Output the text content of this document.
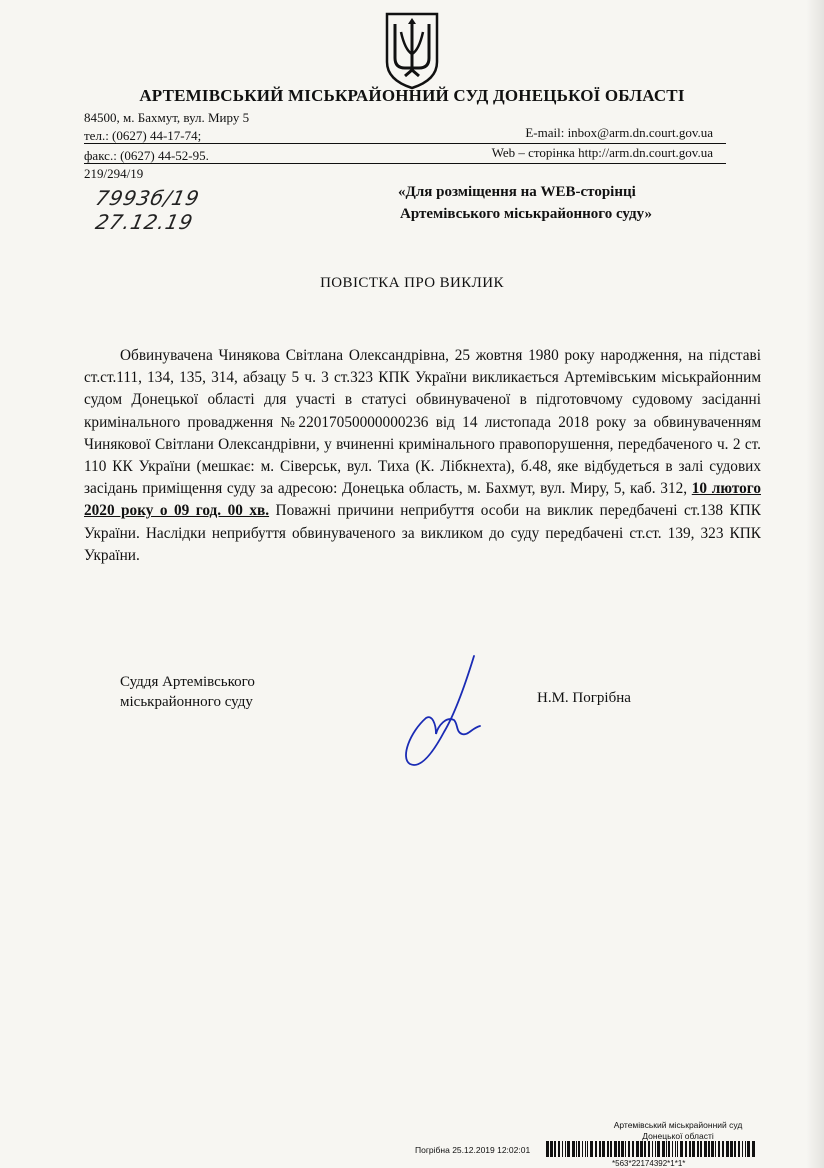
АРТЕМІВСЬКИЙ МІСЬКРАЙОННИЙ СУД ДОНЕЦЬКОЇ ОБЛАСТІ
84500, м. Бахмут, вул. Миру 5
тел.: (0627) 44-17-74;
факс.: (0627) 44-52-95.
E-mail: inbox@arm.dn.court.gov.ua
Web – сторінка http://arm.dn.court.gov.ua
219/294/19
7993б/19
27.12.19
«Для розміщення на WEB-сторінці
Артемівського міськрайонного суду»
ПОВІСТКА ПРО ВИКЛИК
Обвинувачена Чинякова Світлана Олександрівна, 25 жовтня 1980 року народження, на підставі ст.ст.111, 134, 135, 314, абзацу 5 ч. 3 ст.323 КПК України викликається Артемівським міськрайонним судом Донецької області для участі в статусі обвинуваченої в підготовчому судовому засіданні кримінального провадження №22017050000000236 від 14 листопада 2018 року за обвинуваченням Чинякової Світлани Олександрівни, у вчиненні кримінального правопорушення, передбаченого ч. 2 ст. 110 КК України (мешкає: м. Сіверськ, вул. Тиха (К. Лібкнехта), б.48, яке відбудеться в залі судових засідань приміщення суду за адресою: Донецька область, м. Бахмут, вул. Миру, 5, каб. 312, 10 лютого 2020 року о 09 год. 00 хв. Поважні причини неприбуття особи на виклик передбачені ст.138 КПК України. Наслідки неприбуття обвинуваченого за викликом до суду передбачені ст.ст. 139, 323 КПК України.
Суддя Артемівського
міськрайонного суду	Н.М. Погрібна
Артемівський міськрайонний суд
Донецької області
Погрібна 25.12.2019 12:02:01
*563*22174392*1*1*
